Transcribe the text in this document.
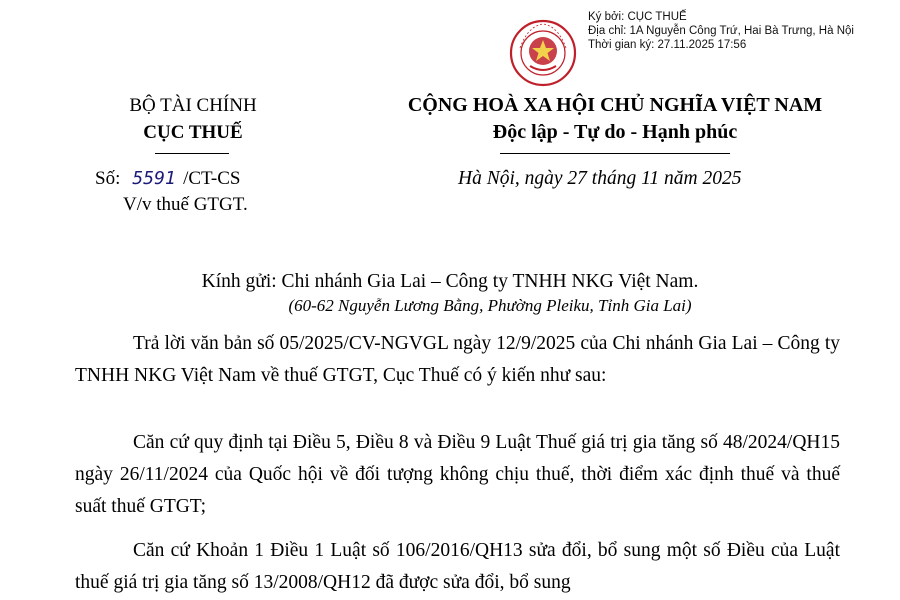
Ký bởi: CỤC THUẾ
Địa chỉ: 1A Nguyễn Công Trứ, Hai Bà Trưng, Hà Nội
Thời gian ký: 27.11.2025 17:56
BỘ TÀI CHÍNH
CỤC THUẾ
CỘNG HOÀ XA HỘI CHỦ NGHĨA VIỆT NAM
Độc lập - Tự do - Hạnh phúc
Số: 5591 /CT-CS
V/v thuế GTGT.
Hà Nội, ngày 27 tháng 11 năm 2025
Kính gửi: Chi nhánh Gia Lai – Công ty TNHH NKG Việt Nam.
(60-62 Nguyễn Lương Bằng, Phường Pleiku, Tỉnh Gia Lai)
Trả lời văn bản số 05/2025/CV-NGVGL ngày 12/9/2025 của Chi nhánh Gia Lai – Công ty TNHH NKG Việt Nam về thuế GTGT, Cục Thuế có ý kiến như sau:
Căn cứ quy định tại Điều 5, Điều 8 và Điều 9 Luật Thuế giá trị gia tăng số 48/2024/QH15 ngày 26/11/2024 của Quốc hội về đối tượng không chịu thuế, thời điểm xác định thuế và thuế suất thuế GTGT;
Căn cứ Khoản 1 Điều 1 Luật số 106/2016/QH13 sửa đổi, bổ sung một số Điều của Luật thuế giá trị gia tăng số 13/2008/QH12 đã được sửa đổi, bổ sung
